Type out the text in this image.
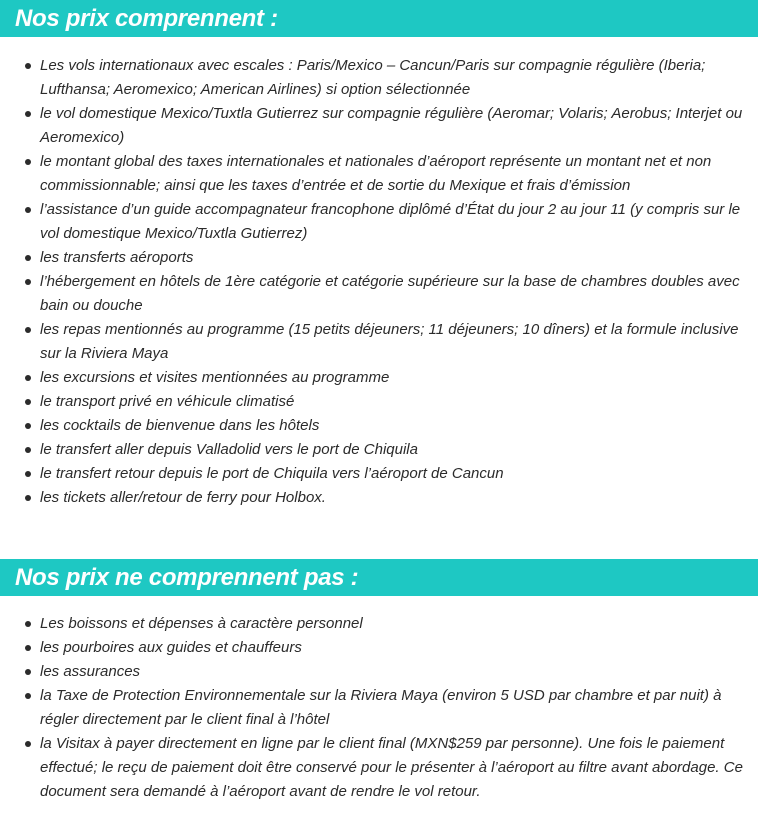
Nos prix comprennent :
Les vols internationaux avec escales : Paris/Mexico – Cancun/Paris sur compagnie régulière (Iberia; Lufthansa; Aeromexico; American Airlines) si option sélectionnée
le vol domestique Mexico/Tuxtla Gutierrez sur compagnie régulière (Aeromar; Volaris; Aerobus; Interjet ou Aeromexico)
le montant global des taxes internationales et nationales d’aéroport représente un montant net et non commissionnable; ainsi que les taxes d’entrée et de sortie du Mexique et frais d’émission
l’assistance d’un guide accompagnateur francophone diplômé d’État du jour 2 au jour 11 (y compris sur le vol domestique Mexico/Tuxtla Gutierrez)
les transferts aéroports
l’hébergement en hôtels de 1ère catégorie et catégorie supérieure sur la base de chambres doubles avec bain ou douche
les repas mentionnés au programme (15 petits déjeuners; 11 déjeuners; 10 dîners) et la formule inclusive sur la Riviera Maya
les excursions et visites mentionnées au programme
le transport privé en véhicule climatisé
les cocktails de bienvenue dans les hôtels
le transfert aller depuis Valladolid vers le port de Chiquila
le transfert retour depuis le port de Chiquila vers l’aéroport de Cancun
les tickets aller/retour de ferry pour Holbox.
Nos prix ne comprennent pas :
Les boissons et dépenses à caractère personnel
les pourboires aux guides et chauffeurs
les assurances
la Taxe de Protection Environnementale sur la Riviera Maya (environ 5 USD par chambre et par nuit) à régler directement par le client final à l’hôtel
la Visitax à payer directement en ligne par le client final (MXN$259 par personne). Une fois le paiement effectué; le reçu de paiement doit être conservé pour le présenter à l’aéroport au filtre avant abordage. Ce document sera demandé à l’aéroport avant de rendre le vol retour.
